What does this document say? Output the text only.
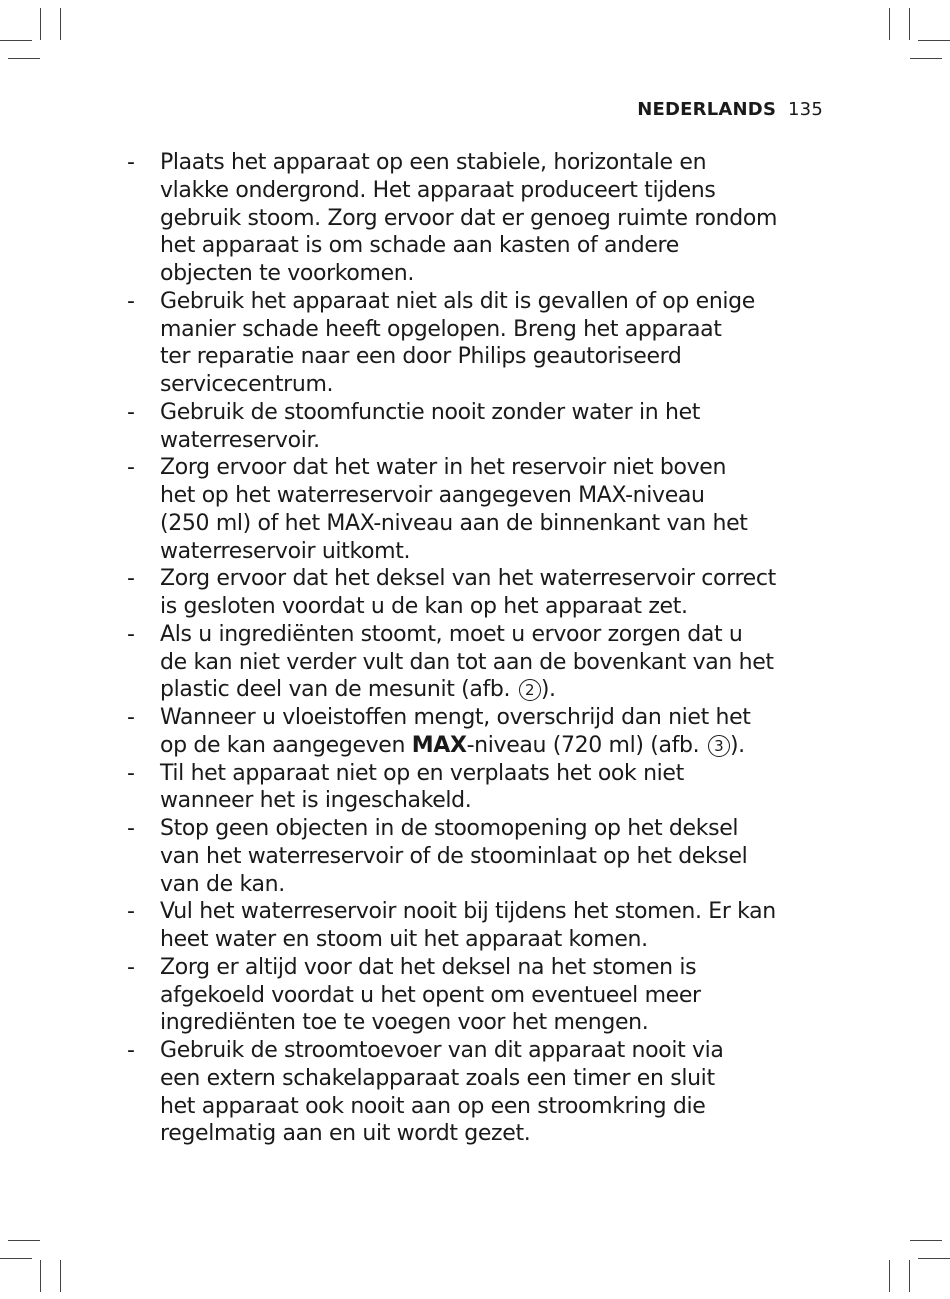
NEDERLANDS 135
- Plaats het apparaat op een stabiele, horizontale en
vlakke ondergrond. Het apparaat produceert tijdens
gebruik stoom. Zorg ervoor dat er genoeg ruimte rondom
het apparaat is om schade aan kasten of andere
objecten te voorkomen.
- Gebruik het apparaat niet als dit is gevallen of op enige
manier schade heeft opgelopen. Breng het apparaat
ter reparatie naar een door Philips geautoriseerd
servicecentrum.
- Gebruik de stoomfunctie nooit zonder water in het
waterreservoir.
- Zorg ervoor dat het water in het reservoir niet boven
het op het waterreservoir aangegeven MAX-niveau
(250 ml) of het MAX-niveau aan de binnenkant van het
waterreservoir uitkomt.
- Zorg ervoor dat het deksel van het waterreservoir correct
is gesloten voordat u de kan op het apparaat zet.
- Als u ingrediënten stoomt, moet u ervoor zorgen dat u
de kan niet verder vult dan tot aan de bovenkant van het
plastic deel van de mesunit (afb. 2 ).
- Wanneer u vloeistoffen mengt, overschrijd dan niet het
op de kan aangegeven MAX-niveau (720 ml) (afb. 3 ).
- Til het apparaat niet op en verplaats het ook niet
wanneer het is ingeschakeld.
- Stop geen objecten in de stoomopening op het deksel
van het waterreservoir of de stoominlaat op het deksel
van de kan.
- Vul het waterreservoir nooit bij tijdens het stomen. Er kan
heet water en stoom uit het apparaat komen.
- Zorg er altijd voor dat het deksel na het stomen is
afgekoeld voordat u het opent om eventueel meer
ingrediënten toe te voegen voor het mengen.
- Gebruik de stroomtoevoer van dit apparaat nooit via
een extern schakelapparaat zoals een timer en sluit
het apparaat ook nooit aan op een stroomkring die
regelmatig aan en uit wordt gezet.
